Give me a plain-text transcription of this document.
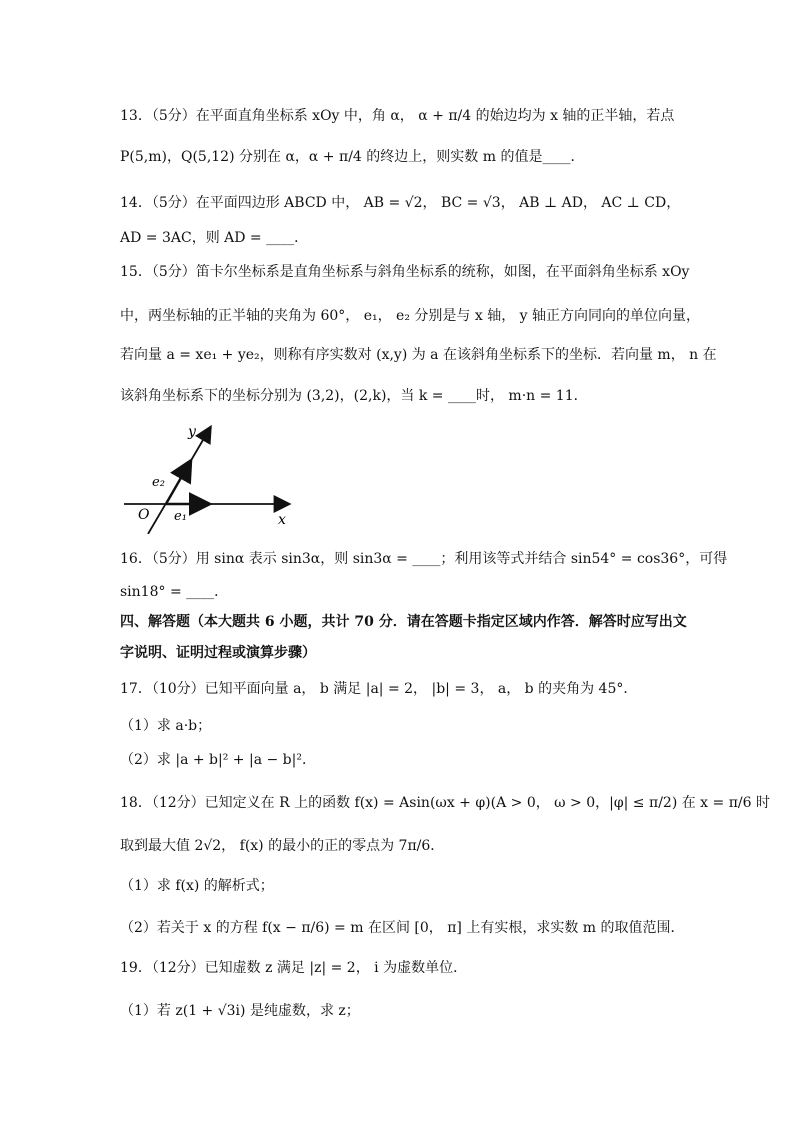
13．（5分）在平面直角坐标系 xOy 中，角 α， α + π/4 的始边均为 x 轴的正半轴，若点
P(5,m)，Q(5,12) 分别在 α，α + π/4 的终边上，则实数 m 的值是____．
14．（5分）在平面四边形 ABCD 中， AB = √2， BC = √3， AB ⊥ AD， AC ⊥ CD，
AD = 3AC，则 AD = ____．
15．（5分）笛卡尔坐标系是直角坐标系与斜角坐标系的统称，如图，在平面斜角坐标系 xOy
中，两坐标轴的正半轴的夹角为 60°， e₁， e₂ 分别是与 x 轴， y 轴正方向同向的单位向量，
若向量 a = xe₁ + ye₂，则称有序实数对 (x,y) 为 a 在该斜角坐标系下的坐标．若向量 m， n 在
该斜角坐标系下的坐标分别为 (3,2)，(2,k)，当 k = ____时， m·n = 11．
y
x
O e₁
e₂
16．（5分）用 sinα 表示 sin3α，则 sin3α = ____；利用该等式并结合 sin54° = cos36°，可得
sin18° = ____．
四、解答题（本大题共 6 小题，共计 70 分．请在答题卡指定区域内作答．解答时应写出文
字说明、证明过程或演算步骤）
17．（10分）已知平面向量 a， b 满足 |a| = 2， |b| = 3， a， b 的夹角为 45°．
（1）求 a·b；
（2）求 |a + b|² + |a − b|²．
18．（12分）已知定义在 R 上的函数 f(x) = Asin(ωx + φ)(A > 0， ω > 0，|φ| ≤ π/2) 在 x = π/6 时
取到最大值 2√2， f(x) 的最小的正的零点为 7π/6．
（1）求 f(x) 的解析式；
（2）若关于 x 的方程 f(x − π/6) = m 在区间 [0， π] 上有实根，求实数 m 的取值范围．
19．（12分）已知虚数 z 满足 |z| = 2， i 为虚数单位．
（1）若 z(1 + √3i) 是纯虚数，求 z；
